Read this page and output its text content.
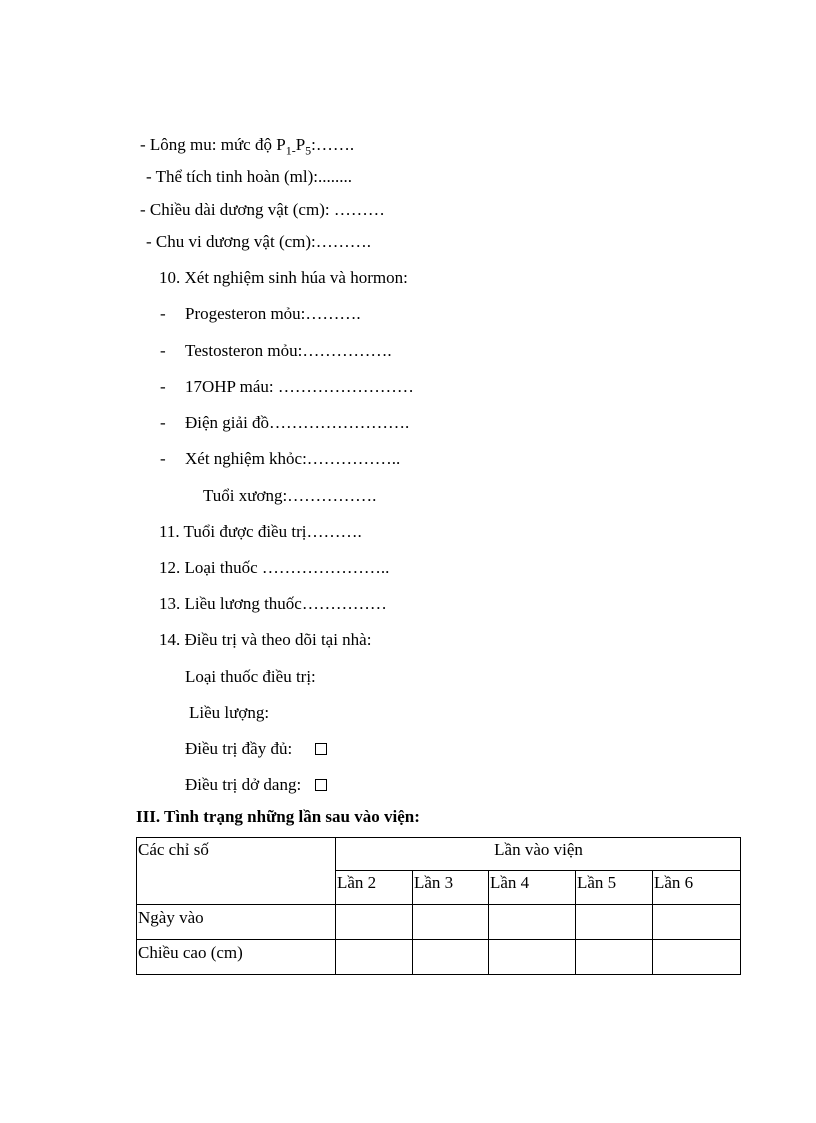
- Lông mu: mức độ $P_{1-}P_5:\dots\dots$.
- Thể tích tinh hoàn (ml):........
- Chiều dài dương vật (cm): ………
- Chu vi dương vật (cm):……….
10. Xét nghiệm sinh húa và hormon:
- Progesteron mỏu:……….
- Testosteron mỏu:…………….
- 17OHP máu: ……………………
- Điện giải đồ…………………….
- Xét nghiệm khỏc:……………..
Tuổi xương:…………….
11. Tuổi được điều trị……….
12. Loại thuốc …………………..
13. Liều lương thuốc……………
14. Điều trị và theo dõi tại nhà:
Loại thuốc điều trị:
Liều lượng:
Điều trị đầy đủ:
Điều trị dở dang:
III. Tình trạng những lần sau vào viện:
Các chỉ số	Lần vào viện				
	Lần 2	Lần 3	Lần 4	Lần 5	Lần 6
Ngày vào					
Chiều cao (cm)					
